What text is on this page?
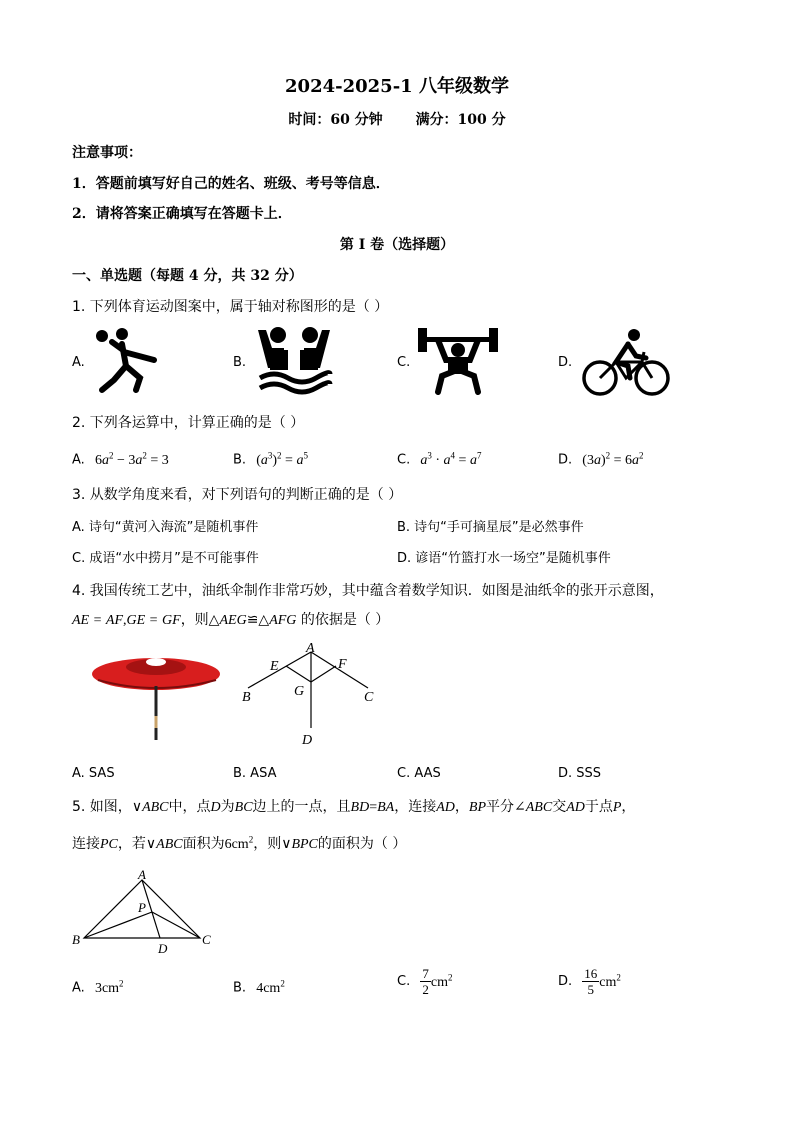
2024-2025-1 八年级数学
时间：60 分钟 满分：100 分
注意事项：
1．答题前填写好自己的姓名、班级、考号等信息．
2．请将答案正确填写在答题卡上．
第 I 卷（选择题）
一、单选题（每题 4 分，共 32 分）
1. 下列体育运动图案中，属于轴对称图形的是（ ）
A.	B.	C.	D.
2. 下列各运算中，计算正确的是（ ）
A. $6a^2 - 3a^2 = 3$	B. $(a^3)^2 = a^5$	C. $a^3 \cdot a^4 = a^7$	D. $(3a)^2 = 6a^2$
3. 从数学角度来看，对下列语句的判断正确的是（ ）
A. 诗句“黄河入海流”是随机事件	B. 诗句“手可摘星辰”是必然事件
C. 成语“水中捞月”是不可能事件	D. 谚语“竹篮打水一场空”是随机事件
4. 我国传统工艺中，油纸伞制作非常巧妙，其中蕴含着数学知识．如图是油纸伞的张开示意图，
AE = AF,GE = GF，则△AEG≌△AFG 的依据是（ ）
A
E	F
G
B	C
D
A. SAS	B. ASA	C. AAS	D. SSS
5. 如图，∨ABC中，点D为BC边上的一点，且BD=BA，连接AD，BP平分∠ABC交AD于点P，
连接PC，若∨ABC面积为$6cm^2$，则∨BPC的面积为（ ）
A
P
B
D
C
A. $3cm^2$	B. $4cm^2$	C. $\frac{7}{2} cm^2$	D. $\frac{16}{5} cm^2$
